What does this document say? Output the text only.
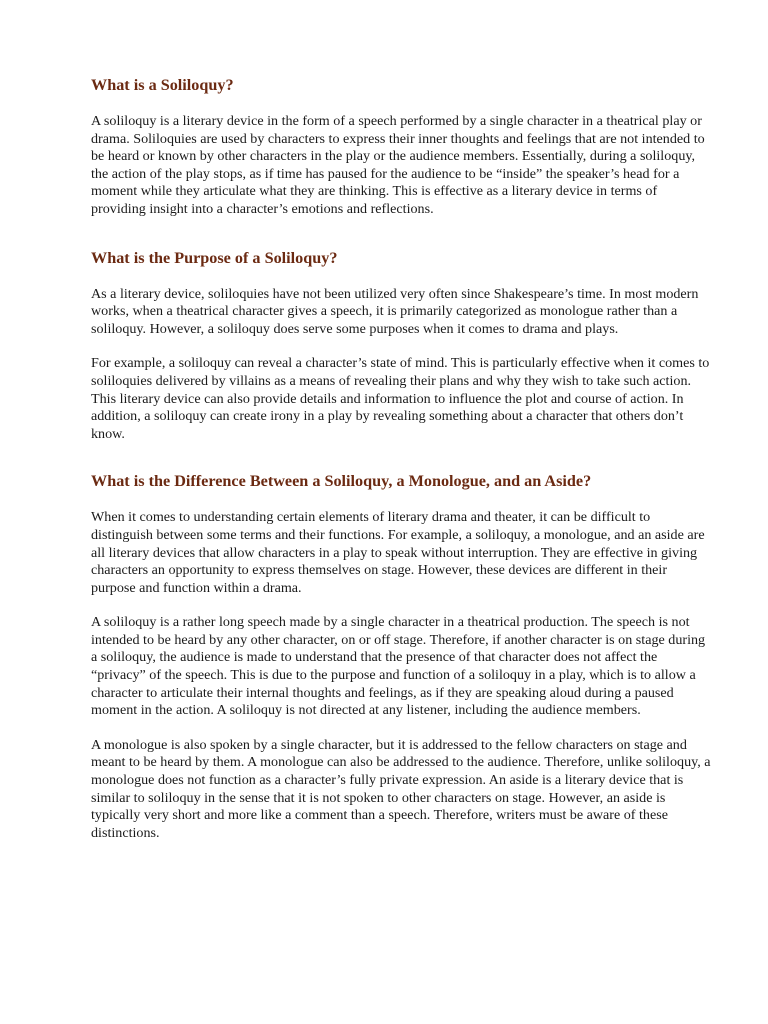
What is a Soliloquy?

A soliloquy is a literary device in the form of a speech performed by a single character in a theatrical play or drama. Soliloquies are used by characters to express their inner thoughts and feelings that are not intended to be heard or known by other characters in the play or the audience members. Essentially, during a soliloquy, the action of the play stops, as if time has paused for the audience to be “inside” the speaker’s head for a moment while they articulate what they are thinking. This is effective as a literary device in terms of providing insight into a character’s emotions and reflections.

What is the Purpose of a Soliloquy?

As a literary device, soliloquies have not been utilized very often since Shakespeare’s time. In most modern works, when a theatrical character gives a speech, it is primarily categorized as monologue rather than a soliloquy. However, a soliloquy does serve some purposes when it comes to drama and plays.

For example, a soliloquy can reveal a character’s state of mind. This is particularly effective when it comes to soliloquies delivered by villains as a means of revealing their plans and why they wish to take such action. This literary device can also provide details and information to influence the plot and course of action. In addition, a soliloquy can create irony in a play by revealing something about a character that others don’t know.

What is the Difference Between a Soliloquy, a Monologue, and an Aside?

When it comes to understanding certain elements of literary drama and theater, it can be difficult to distinguish between some terms and their functions. For example, a soliloquy, a monologue, and an aside are all literary devices that allow characters in a play to speak without interruption. They are effective in giving characters an opportunity to express themselves on stage. However, these devices are different in their purpose and function within a drama.

A soliloquy is a rather long speech made by a single character in a theatrical production. The speech is not intended to be heard by any other character, on or off stage. Therefore, if another character is on stage during a soliloquy, the audience is made to understand that the presence of that character does not affect the “privacy” of the speech. This is due to the purpose and function of a soliloquy in a play, which is to allow a character to articulate their internal thoughts and feelings, as if they are speaking aloud during a paused moment in the action. A soliloquy is not directed at any listener, including the audience members.

A monologue is also spoken by a single character, but it is addressed to the fellow characters on stage and meant to be heard by them. A monologue can also be addressed to the audience. Therefore, unlike soliloquy, a monologue does not function as a character’s fully private expression. An aside is a literary device that is similar to soliloquy in the sense that it is not spoken to other characters on stage. However, an aside is typically very short and more like a comment than a speech. Therefore, writers must be aware of these distinctions.
